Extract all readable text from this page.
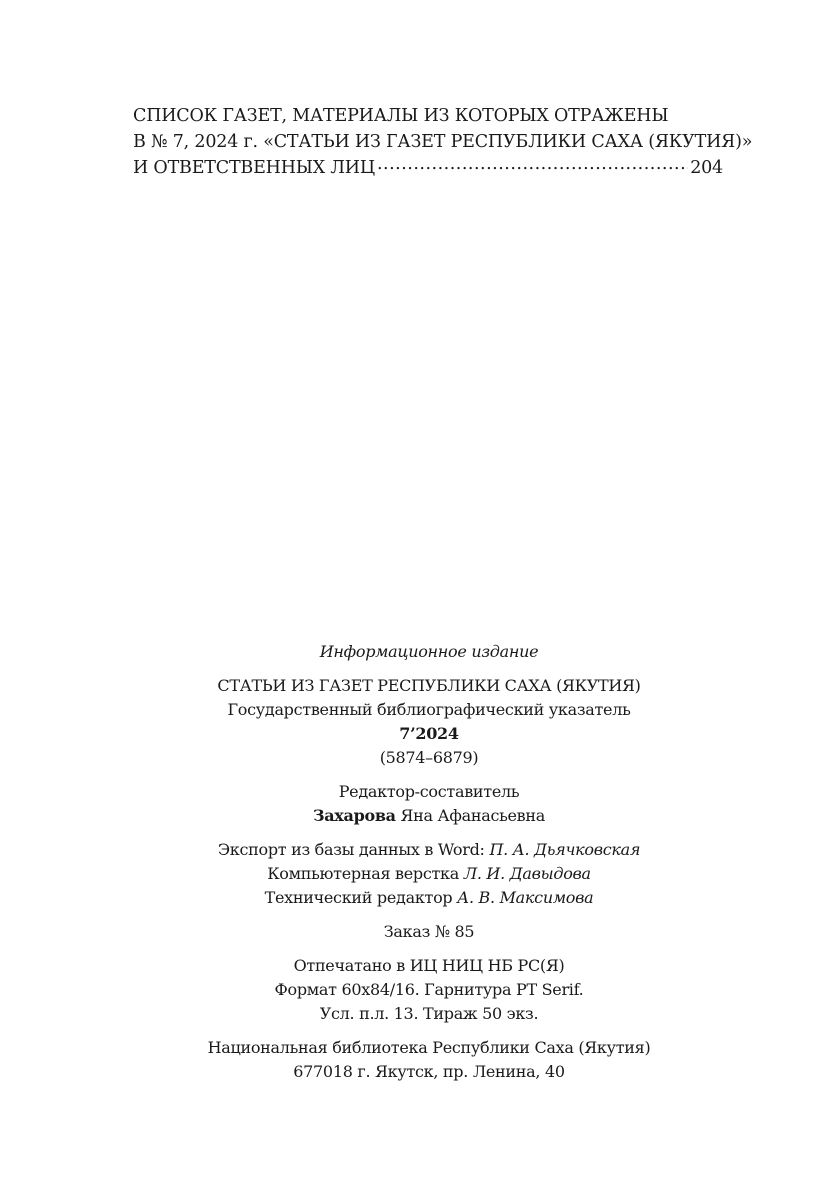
СПИСОК ГАЗЕТ, МАТЕРИАЛЫ ИЗ КОТОРЫХ ОТРАЖЕНЫ
В № 7, 2024 г. «СТАТЬИ ИЗ ГАЗЕТ РЕСПУБЛИКИ САХА (ЯКУТИЯ)»
И ОТВЕТСТВЕННЫХ ЛИЦ
.....	204
Информационное издание
СТАТЬИ ИЗ ГАЗЕТ РЕСПУБЛИКИ САХА (ЯКУТИЯ)
Государственный библиографический указатель
7’2024
(5874–6879)
Редактор-составитель
Захарова Яна Афанасьевна
Экспорт из базы данных в Word: П. А. Дьячковская
Компьютерная верстка Л. И. Давыдова
Технический редактор А. В. Максимова
Заказ № 85
Отпечатано в ИЦ НИЦ НБ РС(Я)
Формат 60х84/16. Гарнитура PT Serif.
Усл. п.л. 13. Тираж 50 экз.
Национальная библиотека Республики Саха (Якутия)
677018 г. Якутск, пр. Ленина, 40
